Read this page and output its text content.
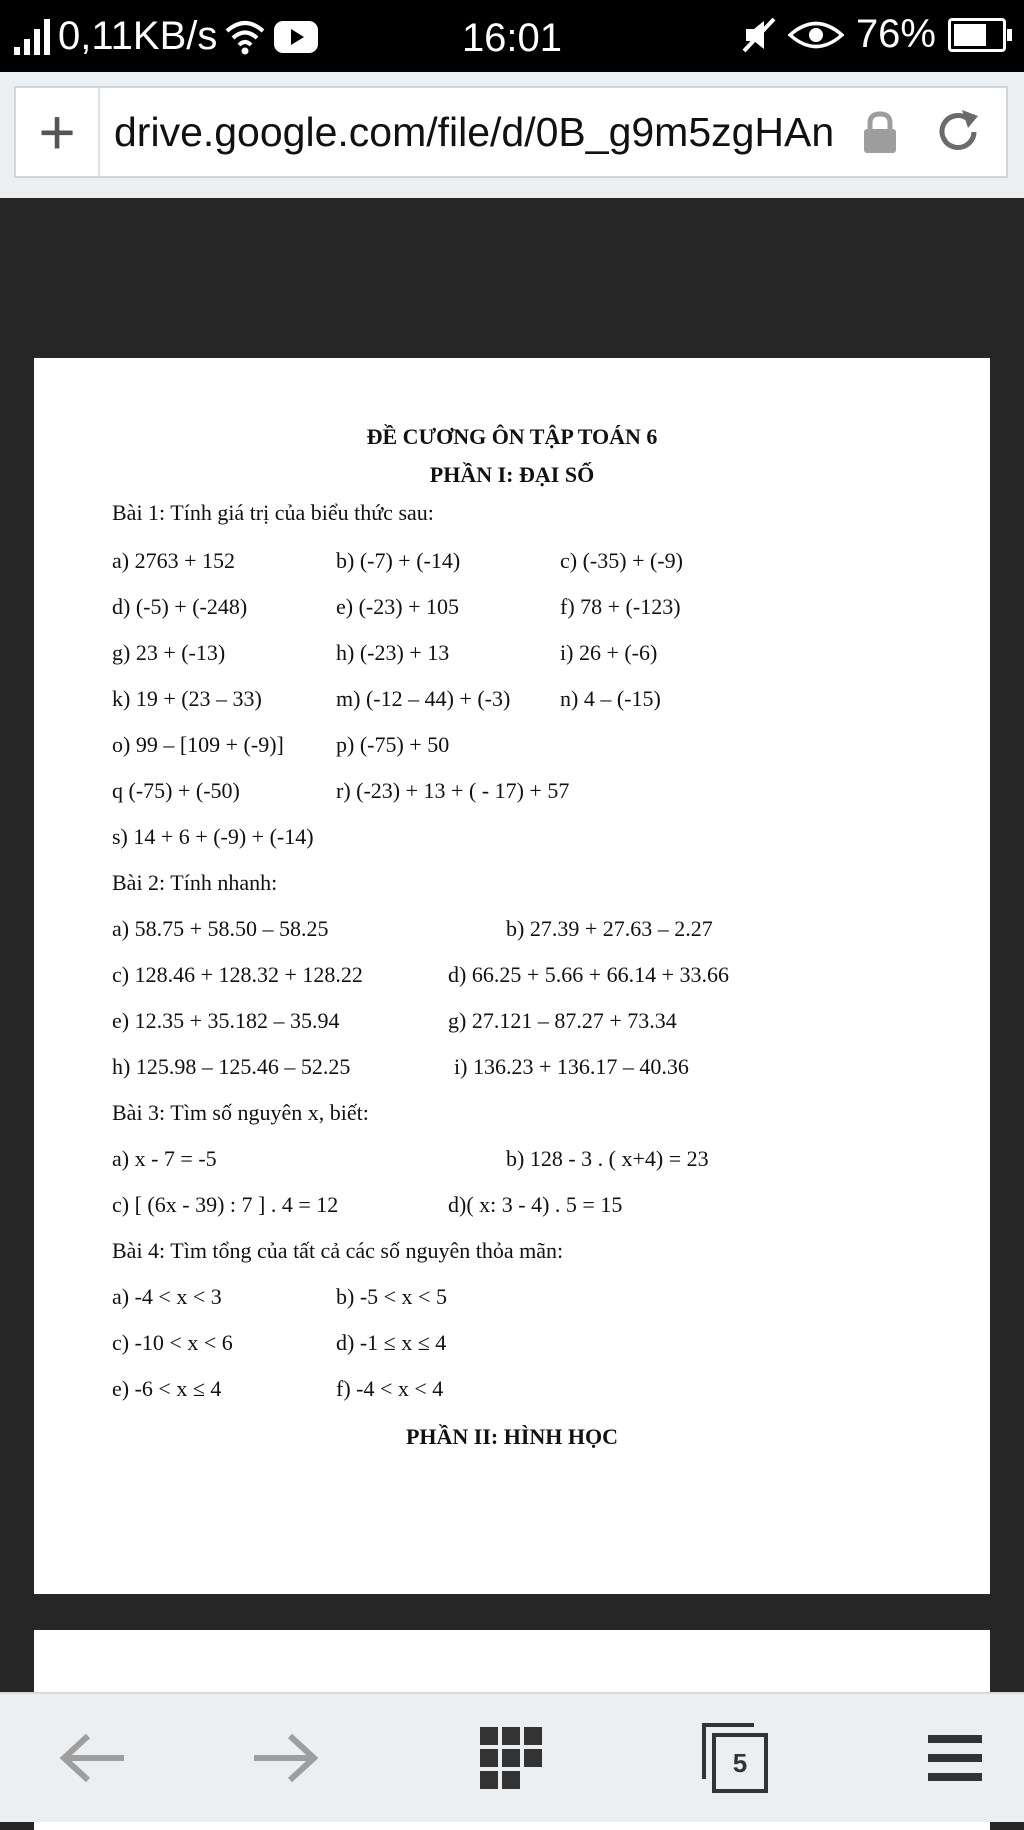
0,11KB/s	16:01	76%
+ drive.google.com/file/d/0B_g9m5zgHAn
ĐỀ CƯƠNG ÔN TẬP TOÁN 6
PHẦN I: ĐẠI SỐ
Bài 1: Tính giá trị của biểu thức sau:
a) 2763 + 152	b) (-7) + (-14)	c) (-35) + (-9)
d) (-5) + (-248)	e) (-23) + 105	f) 78 + (-123)
g) 23 + (-13)	h) (-23) + 13	i) 26 + (-6)
k) 19 + (23 – 33)	m) (-12 – 44) + (-3) n) 4 – (-15)
o) 99 – [109 + (-9)] p) (-75) + 50
q (-75) + (-50)	r) (-23) + 13 + ( - 17) + 57
s) 14 + 6 + (-9) + (-14)
Bài 2: Tính nhanh:
a) 58.75 + 58.50 – 58.25	b) 27.39 + 27.63 – 2.27
c) 128.46 + 128.32 + 128.22	d) 66.25 + 5.66 + 66.14 + 33.66
e) 12.35 + 35.182 – 35.94	g) 27.121 – 87.27 + 73.34
h) 125.98 – 125.46 – 52.25	i) 136.23 + 136.17 – 40.36
Bài 3: Tìm số nguyên x, biết:
a) x - 7 = -5	b) 128 - 3 . ( x+4) = 23
c) [ (6x - 39) : 7 ] . 4 = 12	d)( x: 3 - 4) . 5 = 15
Bài 4: Tìm tổng của tất cả các số nguyên thỏa mãn:
a) -4 < x < 3	b) -5 < x < 5
c) -10 < x < 6	d) -1 ≤ x ≤ 4
e) -6 < x ≤ 4	f) -4 < x < 4
PHẦN II: HÌNH HỌC
5
